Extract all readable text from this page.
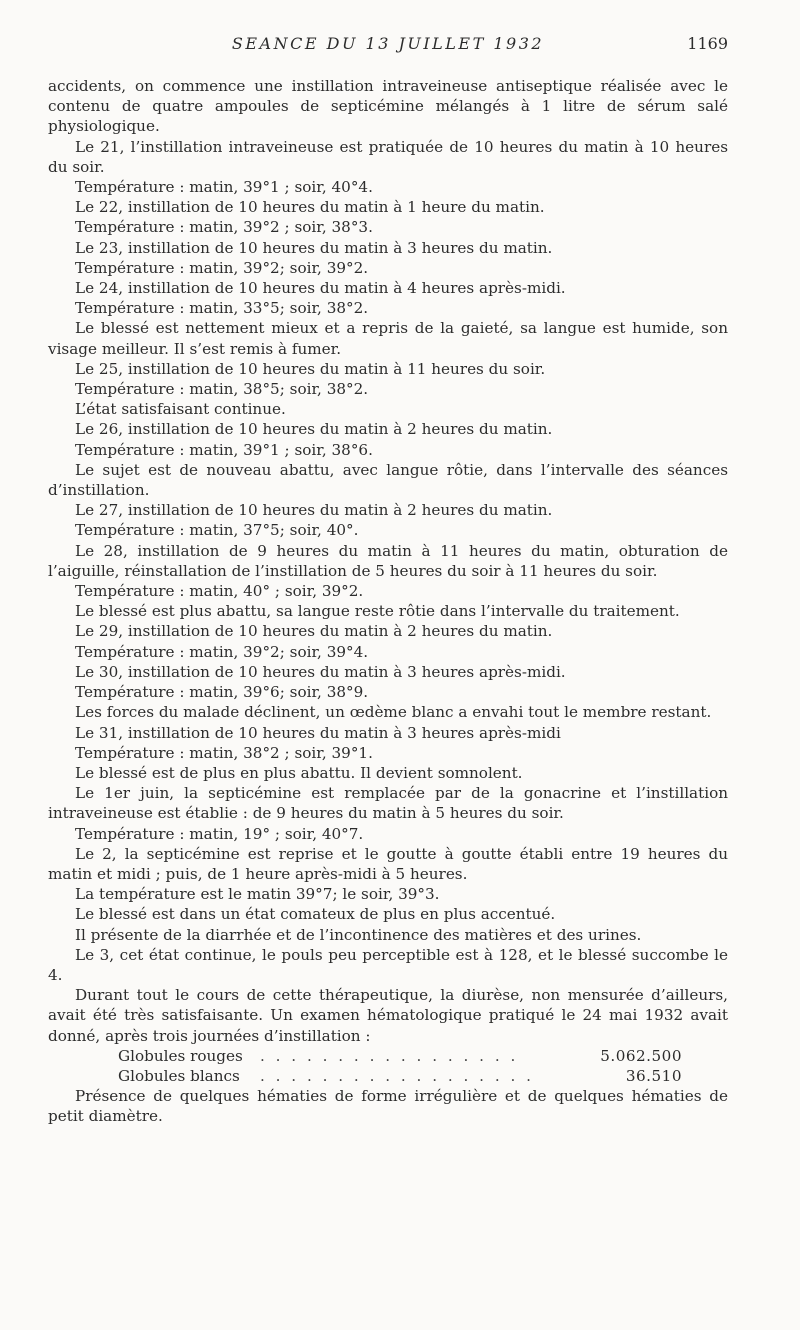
SEANCE DU 13 JUILLET 1932	1169

accidents, on commence une instillation intraveineuse antiseptique réalisée avec le contenu de quatre ampoules de septicémine mélangés à 1 litre de sérum salé physiologique.

Le 21, l’instillation intraveineuse est pratiquée de 10 heures du matin à 10 heures du soir.

Température : matin, 39°1 ; soir, 40°4.

Le 22, instillation de 10 heures du matin à 1 heure du matin.

Température : matin, 39°2 ; soir, 38°3.

Le 23, instillation de 10 heures du matin à 3 heures du matin.

Température : matin, 39°2; soir, 39°2.

Le 24, instillation de 10 heures du matin à 4 heures après-midi.

Température : matin, 33°5; soir, 38°2.

Le blessé est nettement mieux et a repris de la gaieté, sa langue est humide, son visage meilleur. Il s’est remis à fumer.

Le 25, instillation de 10 heures du matin à 11 heures du soir.

Température : matin, 38°5; soir, 38°2.

L’état satisfaisant continue.

Le 26, instillation de 10 heures du matin à 2 heures du matin.

Température : matin, 39°1 ; soir, 38°6.

Le sujet est de nouveau abattu, avec langue rôtie, dans l’intervalle des séances d’instillation.

Le 27, instillation de 10 heures du matin à 2 heures du matin.

Température : matin, 37°5; soir, 40°.

Le 28, instillation de 9 heures du matin à 11 heures du matin, obturation de l’aiguille, réinstallation de l’instillation de 5 heures du soir à 11 heures du soir.

Température : matin, 40° ; soir, 39°2.

Le blessé est plus abattu, sa langue reste rôtie dans l’intervalle du traitement.

Le 29, instillation de 10 heures du matin à 2 heures du matin.

Température : matin, 39°2; soir, 39°4.

Le 30, instillation de 10 heures du matin à 3 heures après-midi.

Température : matin, 39°6; soir, 38°9.

Les forces du malade déclinent, un œdème blanc a envahi tout le membre restant.

Le 31, instillation de 10 heures du matin à 3 heures après-midi

Température : matin, 38°2 ; soir, 39°1.

Le blessé est de plus en plus abattu. Il devient somnolent.

Le 1er juin, la septicémine est remplacée par de la gonacrine et l’instillation intraveineuse est établie : de 9 heures du matin à 5 heures du soir.

Température : matin, 19° ; soir, 40°7.

Le 2, la septicémine est reprise et le goutte à goutte établi entre 19 heures du matin et midi ; puis, de 1 heure après-midi à 5 heures.

La température est le matin 39°7; le soir, 39°3.

Le blessé est dans un état comateux de plus en plus accentué.

Il présente de la diarrhée et de l’incontinence des matières et des urines.

Le 3, cet état continue, le pouls peu perceptible est à 128, et le blessé succombe le 4.

Durant tout le cours de cette thérapeutique, la diurèse, non mensurée d’ailleurs, avait été très satisfaisante. Un examen hématologique pratiqué le 24 mai 1932 avait donné, après trois journées d’instillation :

Globules rouges . . . . . . . . . . . . . . . . .	5.062.500
Globules blancs . . . . . . . . . . . . . . . . . .	36.510

Présence de quelques hématies de forme irrégulière et de quelques hématies de petit diamètre.
